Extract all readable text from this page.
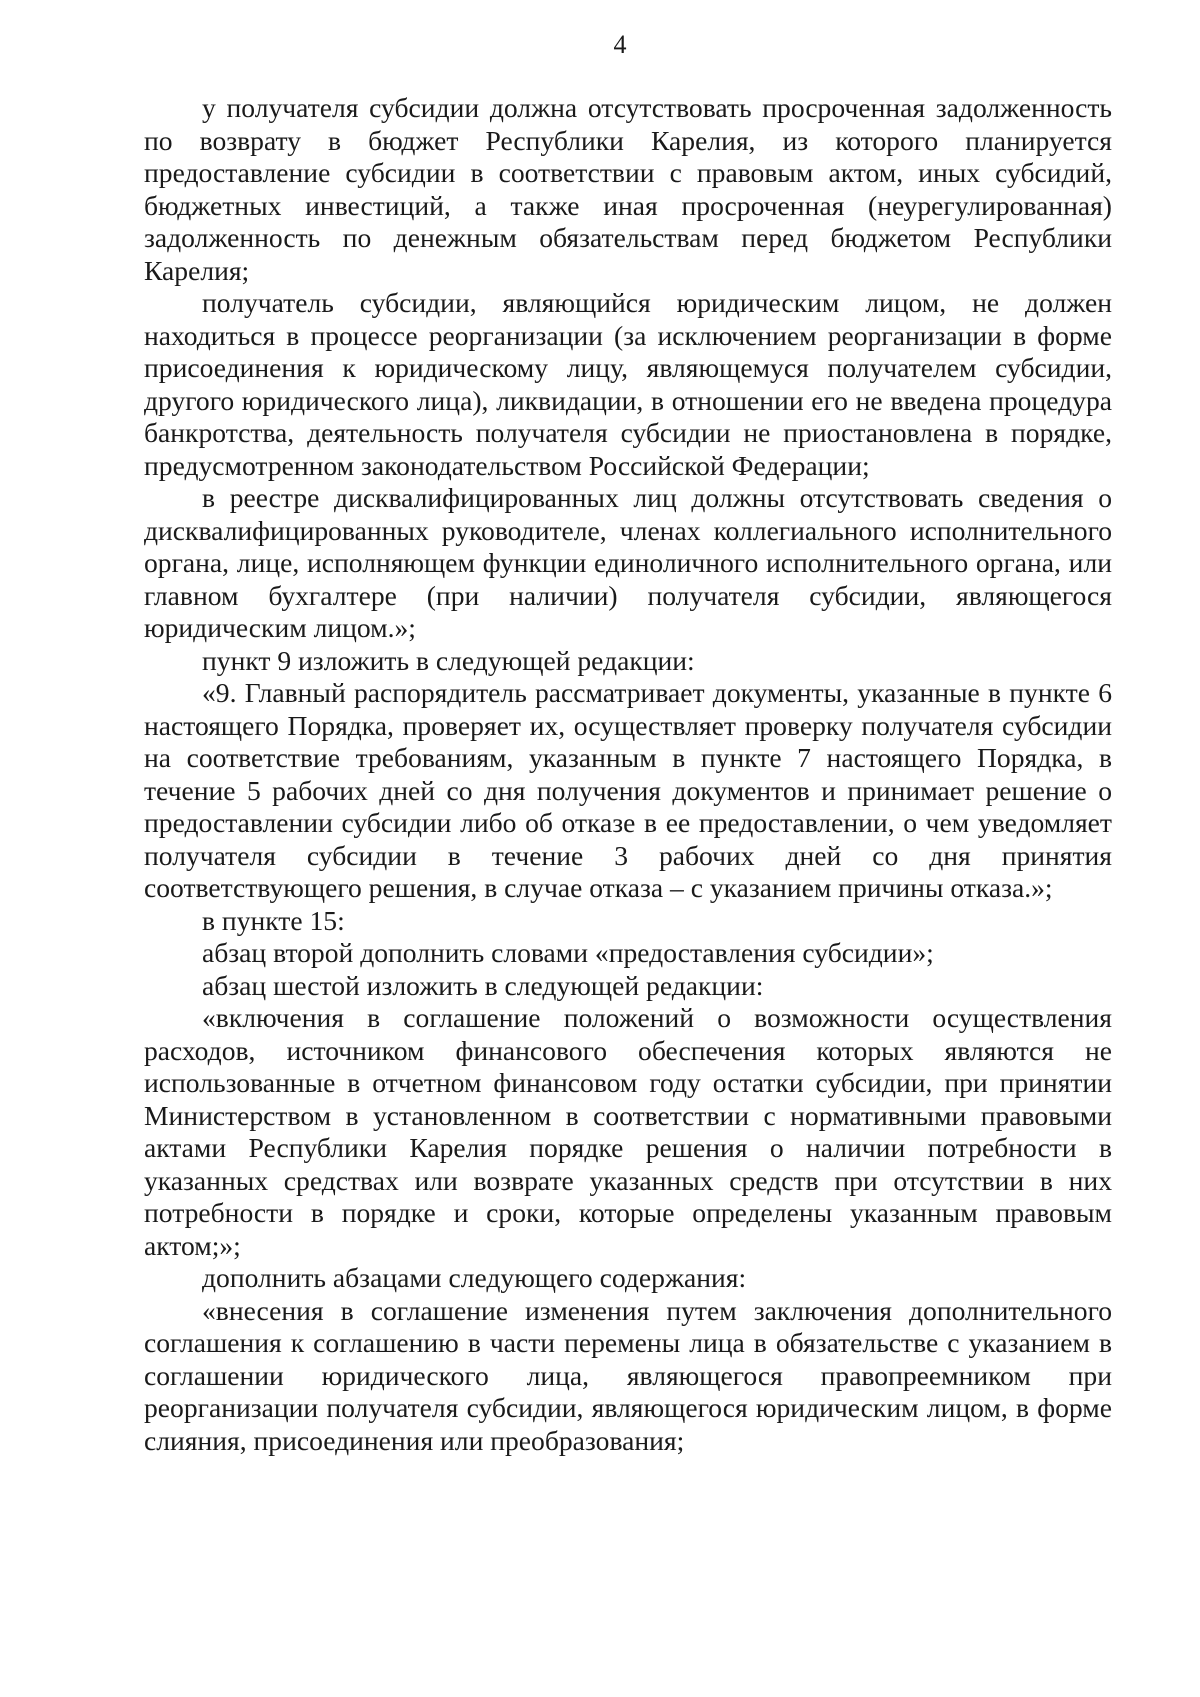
4

у получателя субсидии должна отсутствовать просроченная задолженность по возврату в бюджет Республики Карелия, из которого планируется предоставление субсидии в соответствии с правовым актом, иных субсидий, бюджетных инвестиций, а также иная просроченная (неурегулированная) задолженность по денежным обязательствам перед бюджетом Республики Карелия;

получатель субсидии, являющийся юридическим лицом, не должен находиться в процессе реорганизации (за исключением реорганизации в форме присоединения к юридическому лицу, являющемуся получателем субсидии, другого юридического лица), ликвидации, в отношении его не введена процедура банкротства, деятельность получателя субсидии не приостановлена в порядке, предусмотренном законодательством Российской Федерации;

в реестре дисквалифицированных лиц должны отсутствовать сведения о дисквалифицированных руководителе, членах коллегиального исполнительного органа, лице, исполняющем функции единоличного исполнительного органа, или главном бухгалтере (при наличии) получателя субсидии, являющегося юридическим лицом.»;

пункт 9 изложить в следующей редакции:

«9. Главный распорядитель рассматривает документы, указанные в пункте 6 настоящего Порядка, проверяет их, осуществляет проверку получателя субсидии на соответствие требованиям, указанным в пункте 7 настоящего Порядка, в течение 5 рабочих дней со дня получения документов и принимает решение о предоставлении субсидии либо об отказе в ее предоставлении, о чем уведомляет получателя субсидии в течение 3 рабочих дней со дня принятия соответствующего решения, в случае отказа – с указанием причины отказа.»;

в пункте 15:

абзац второй дополнить словами «предоставления субсидии»;

абзац шестой изложить в следующей редакции:

«включения в соглашение положений о возможности осуществления расходов, источником финансового обеспечения которых являются не использованные в отчетном финансовом году остатки субсидии, при принятии Министерством в установленном в соответствии с нормативными правовыми актами Республики Карелия порядке решения о наличии потребности в указанных средствах или возврате указанных средств при отсутствии в них потребности в порядке и сроки, которые определены указанным правовым актом;»;

дополнить абзацами следующего содержания:

«внесения в соглашение изменения путем заключения дополнительного соглашения к соглашению в части перемены лица в обязательстве с указанием в соглашении юридического лица, являющегося правопреемником при реорганизации получателя субсидии, являющегося юридическим лицом, в форме слияния, присоединения или преобразования;
